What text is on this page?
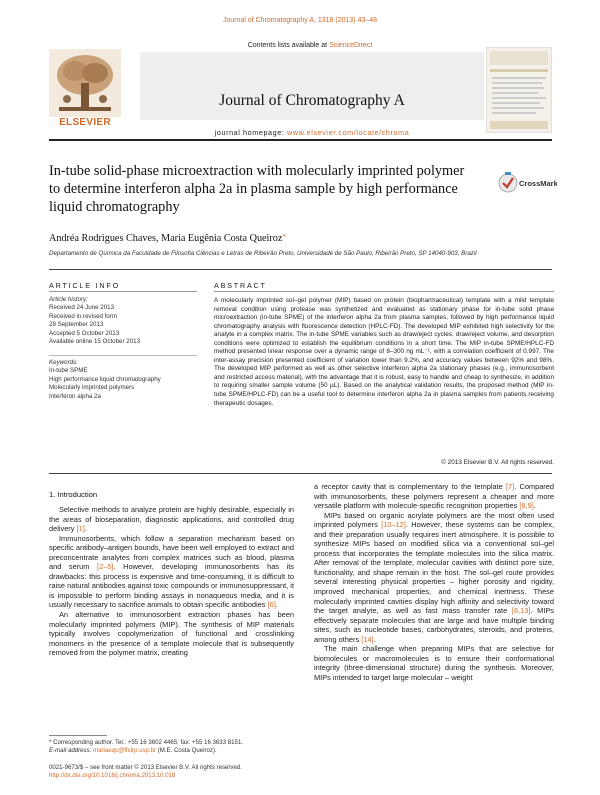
Journal of Chromatography A, 1318 (2013) 43–48
Contents lists available at ScienceDirect
Journal of Chromatography A
journal homepage: www.elsevier.com/locate/chroma
ELSEVIER
In-tube solid-phase microextraction with molecularly imprinted polymer to determine interferon alpha 2a in plasma sample by high performance liquid chromatography
CrossMark
Andréa Rodrigues Chaves, Maria Eugênia Costa Queiroz*
Departamento de Química da Faculdade de Filosofia Ciências e Letras de Ribeirão Preto, Universidade de São Paulo, Ribeirão Preto, SP 14040-903, Brazil
ARTICLE INFO
Article history:
Received 24 June 2013
Received in revised form
28 September 2013
Accepted 5 October 2013
Available online 15 October 2013
Keywords:
In-tube SPME
High performance liquid chromatography
Molecularly imprinted polymers
Interferon alpha 2a
ABSTRACT
A molecularly imprinted sol–gel polymer (MIP) based on protein (biopharmaceutical) template with a mild template removal condition using protease was synthetized and evaluated as stationary phase for in-tube solid phase microextraction (in-tube SPME) of the interferon alpha 2a from plasma samples, followed by high performance liquid chromatography analysis with fluorescence detection (HPLC-FD). The developed MIP exhibited high selectivity for the analyte in a complex matrix. The in-tube SPME variables such as draw/eject cycles, draw/eject volume, and desorption conditions were optimized to establish the equilibrium conditions in a short time. The MIP in-tube SPME/HPLC-FD method presented linear response over a dynamic range of 8–300 ng mL⁻¹, with a correlation coefficient of 0.997. The inter-assay precision presented coefficient of variation lower than 9.2%, and accuracy values between 92% and 98%. The developed MIP performed as well as other selective interferon alpha 2a stationary phases (e.g., immunosorbent and restricted access material), with the advantage that it is robust, easy to handle and cheap to synthesize, in addition to requiring smaller sample volume (50 µL). Based on the analytical validation results, the proposed method (MIP in-tube SPME/HPLC-FD) can be a useful tool to determine interferon alpha 2a in plasma samples from patients receiving therapeutic dosages.
© 2013 Elsevier B.V. All rights reserved.
1. Introduction

Selective methods to analyze protein are highly desirable, especially in the areas of bioseparation, diagnostic applications, and controlled drug delivery [1].

Immunosorbents, which follow a separation mechanism based on specific antibody–antigen bounds, have been well employed to extract and preconcentrate analytes from complex matrices such as blood, plasma and serum [2–5]. However, developing immunosorbents has its drawbacks: this process is expensive and time-consuming, it is difficult to raise natural antibodies against toxic compounds or immunosuppressant, it is impossible to perform binding assays in nonaqueous media, and it is usually necessary to sacrifice animals to obtain specific antibodies [6].

An alternative to immunosorbent extraction phases has been molecularly imprinted polymers (MIP). The synthesis of MIP materials typically involves copolymerization of functional and crosslinking monomers in the presence of a template molecule that is subsequently removed from the polymer matrix, creating

* Corresponding author. Tel.: +55 16 3602 4465; fax: +55 16 3633 8151.
E-mail address: mariaeqc@ffclrp.usp.br (M.E. Costa Queiroz).
0021-9673/$ – see front matter © 2013 Elsevier B.V. All rights reserved.
http://dx.doi.org/10.1016/j.chroma.2013.10.018

a receptor cavity that is complementary to the template [7]. Compared with immunosorbents, these polymers represent a cheaper and more versatile platform with molecule-specific recognition properties [8,9].

MIPs based on organic acrylate polymers are the most often used imprinted polymers [10–12]. However, these systems can be complex, and their preparation usually requires inert atmosphere. It is possible to synthesize MIPs based on modified silica via a conventional sol–gel process that incorporates the template molecules into the silica matrix. After removal of the template, molecular cavities with distinct pore size, functionality, and shape remain in the host. The sol–gel route provides several interesting physical properties – higher porosity and rigidity, improved mechanical properties, and chemical inertness. These molecularly imprinted cavities display high affinity and selectivity toward the target analyte, as well as fast mass transfer rate [6,13]. MIPs effectively separate molecules that are large and have multiple binding sites, such as nucleotide bases, carbohydrates, steroids, and proteins, among others [14].

The main challenge when preparing MIPs that are selective for biomolecules or macromolecules is to ensure their conformational integrity (three-dimensional structure) during the synthesis. Moreover, MIPs intended to target large molecular – weight
